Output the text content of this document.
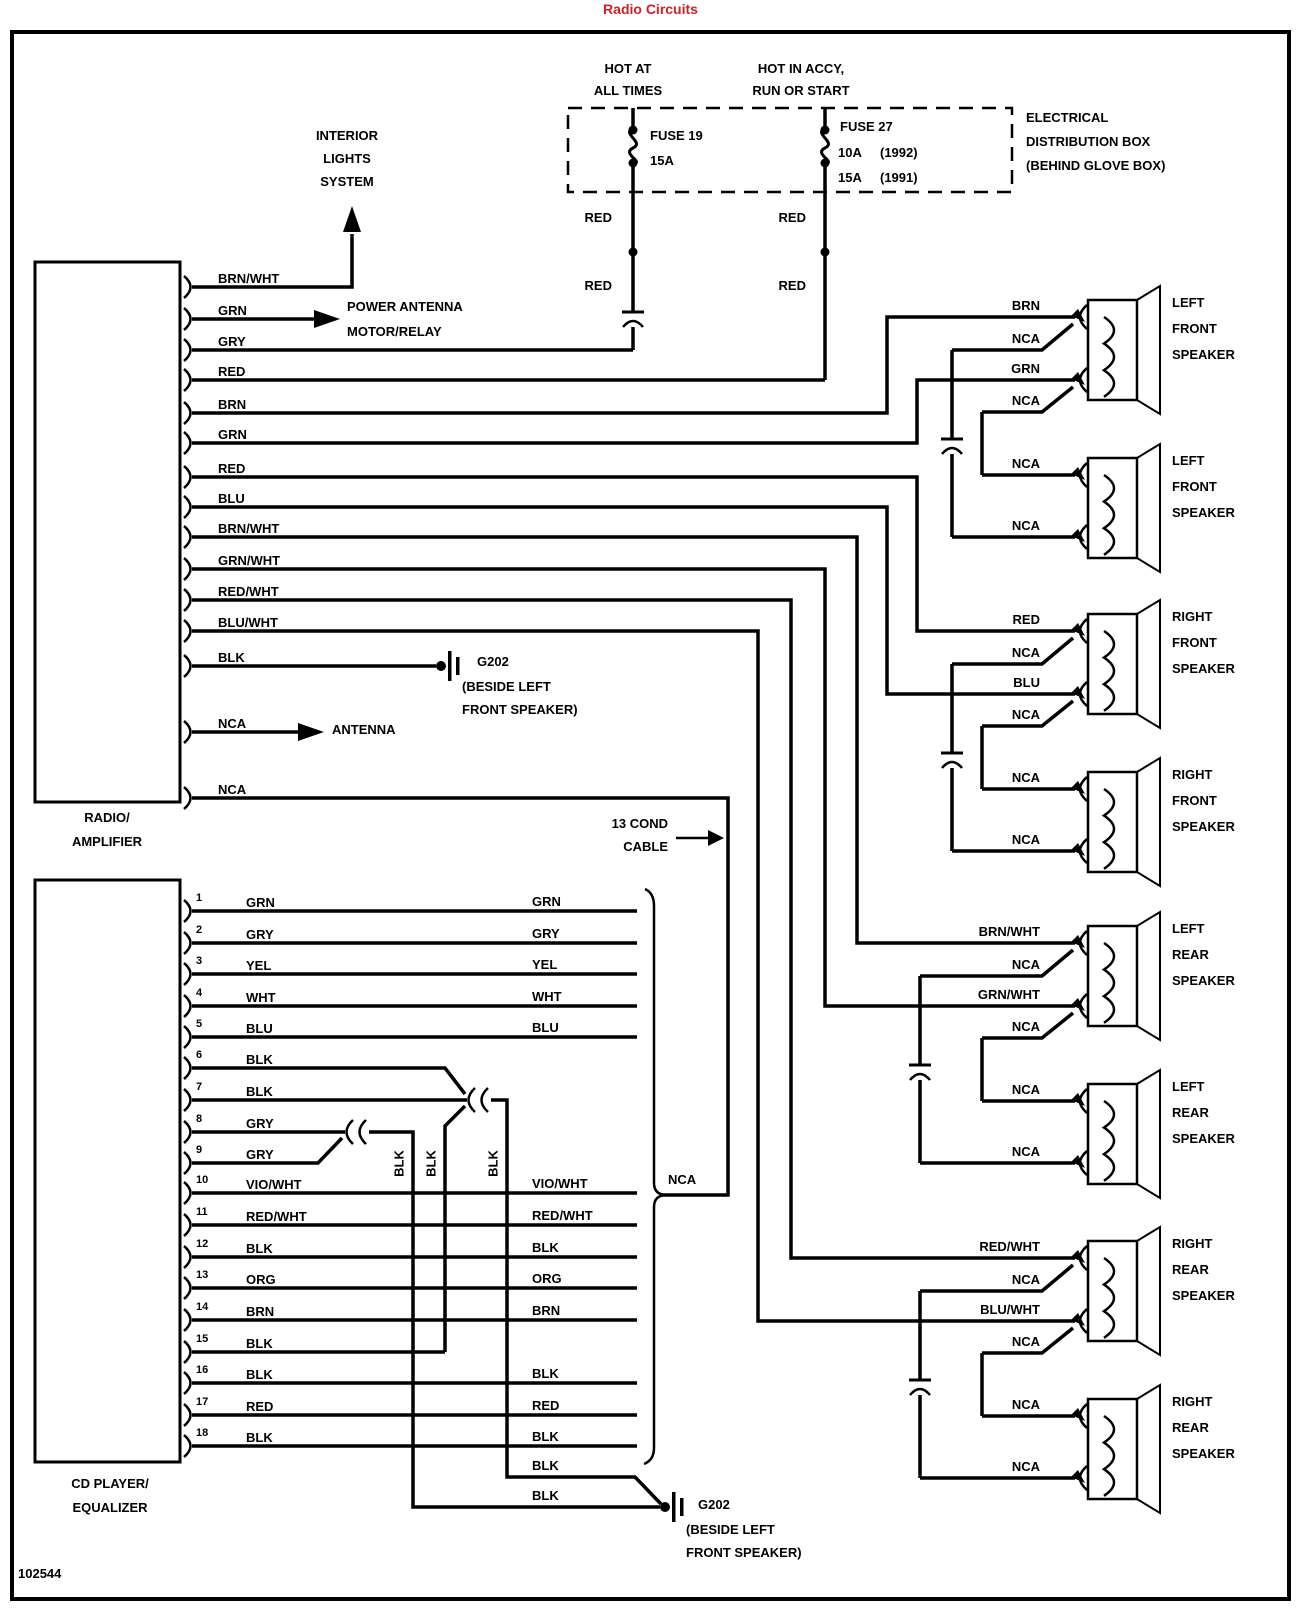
Radio Circuits
HOT AT
ALL TIMES
HOT IN ACCY,
RUN OR START
FUSE 19
15A
FUSE 27
10A (1992)
15A (1991)
ELECTRICAL
DISTRIBUTION BOX
(BEHIND GLOVE BOX)
RED
RED
RED
RED
INTERIOR
LIGHTS
SYSTEM
POWER ANTENNA
MOTOR/RELAY
ANTENNA
G202
(BESIDE LEFT
FRONT SPEAKER)
RADIO/
AMPLIFIER
13 COND
CABLE
NCA
BLK
BLK
BLK BLK	BLK
CD PLAYER/
EQUALIZER	G202
(BESIDE LEFT
FRONT SPEAKER)
102544
BRN/WHT
GRN
GRY
RED
BRN
GRN
RED
BLU
BRN/WHT
GRN/WHT
RED/WHT
BLU/WHT
BLK
NCA
NCA
1	GRN	GRN
2	GRY	GRY
3	YEL	YEL
4	WHT	WHT
5	BLU	BLU
6	BLK
7	BLK
8	GRY
9	GRY
10	VIO/WHT	VIO/WHT
11	RED/WHT	RED/WHT
12	BLK	BLK
13	ORG	ORG
14	BRN	BRN
15	BLK
16	BLK	BLK
17	RED	RED
18	BLK	BLK
BRN
NCA
GRN
NCA
NCA
NCA
LEFT
FRONT
SPEAKER
LEFT
FRONT
SPEAKER
RED
NCA
BLU
NCA
NCA
NCA
RIGHT
FRONT
SPEAKER
RIGHT
FRONT
SPEAKER
BRN/WHT
NCA
GRN/WHT
NCA
NCA
NCA
LEFT
REAR
SPEAKER
LEFT
REAR
SPEAKER
RED/WHT
NCA
BLU/WHT
NCA
NCA
NCA
RIGHT
REAR
SPEAKER
RIGHT
REAR
SPEAKER
